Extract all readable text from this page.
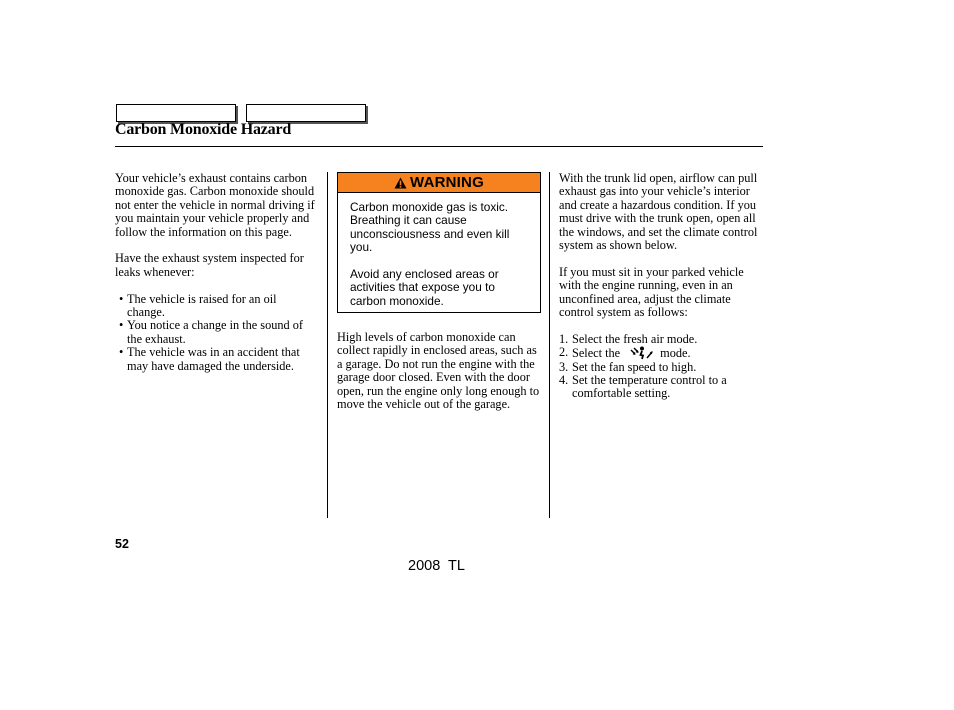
Carbon Monoxide Hazard

Your vehicle’s exhaust contains carbon monoxide gas. Carbon monoxide should not enter the vehicle in normal driving if you maintain your vehicle properly and follow the information on this page.

Have the exhaust system inspected for leaks whenever:

• The vehicle is raised for an oil change.
• You notice a change in the sound of the exhaust.
• The vehicle was in an accident that may have damaged the underside.
WARNING

Carbon monoxide gas is toxic. Breathing it can cause unconsciousness and even kill you.

Avoid any enclosed areas or activities that expose you to carbon monoxide.

High levels of carbon monoxide can collect rapidly in enclosed areas, such as a garage. Do not run the engine with the garage door closed. Even with the door open, run the engine only long enough to move the vehicle out of the garage.

With the trunk lid open, airflow can pull exhaust gas into your vehicle’s interior and create a hazardous condition. If you must drive with the trunk open, open all the windows, and set the climate control system as shown below.

If you must sit in your parked vehicle with the engine running, even in an unconfined area, adjust the climate control system as follows:

1. Select the fresh air mode.
2. Select the	mode.
3. Set the fan speed to high.
4. Set the temperature control to a comfortable setting.
52
2008 TL
